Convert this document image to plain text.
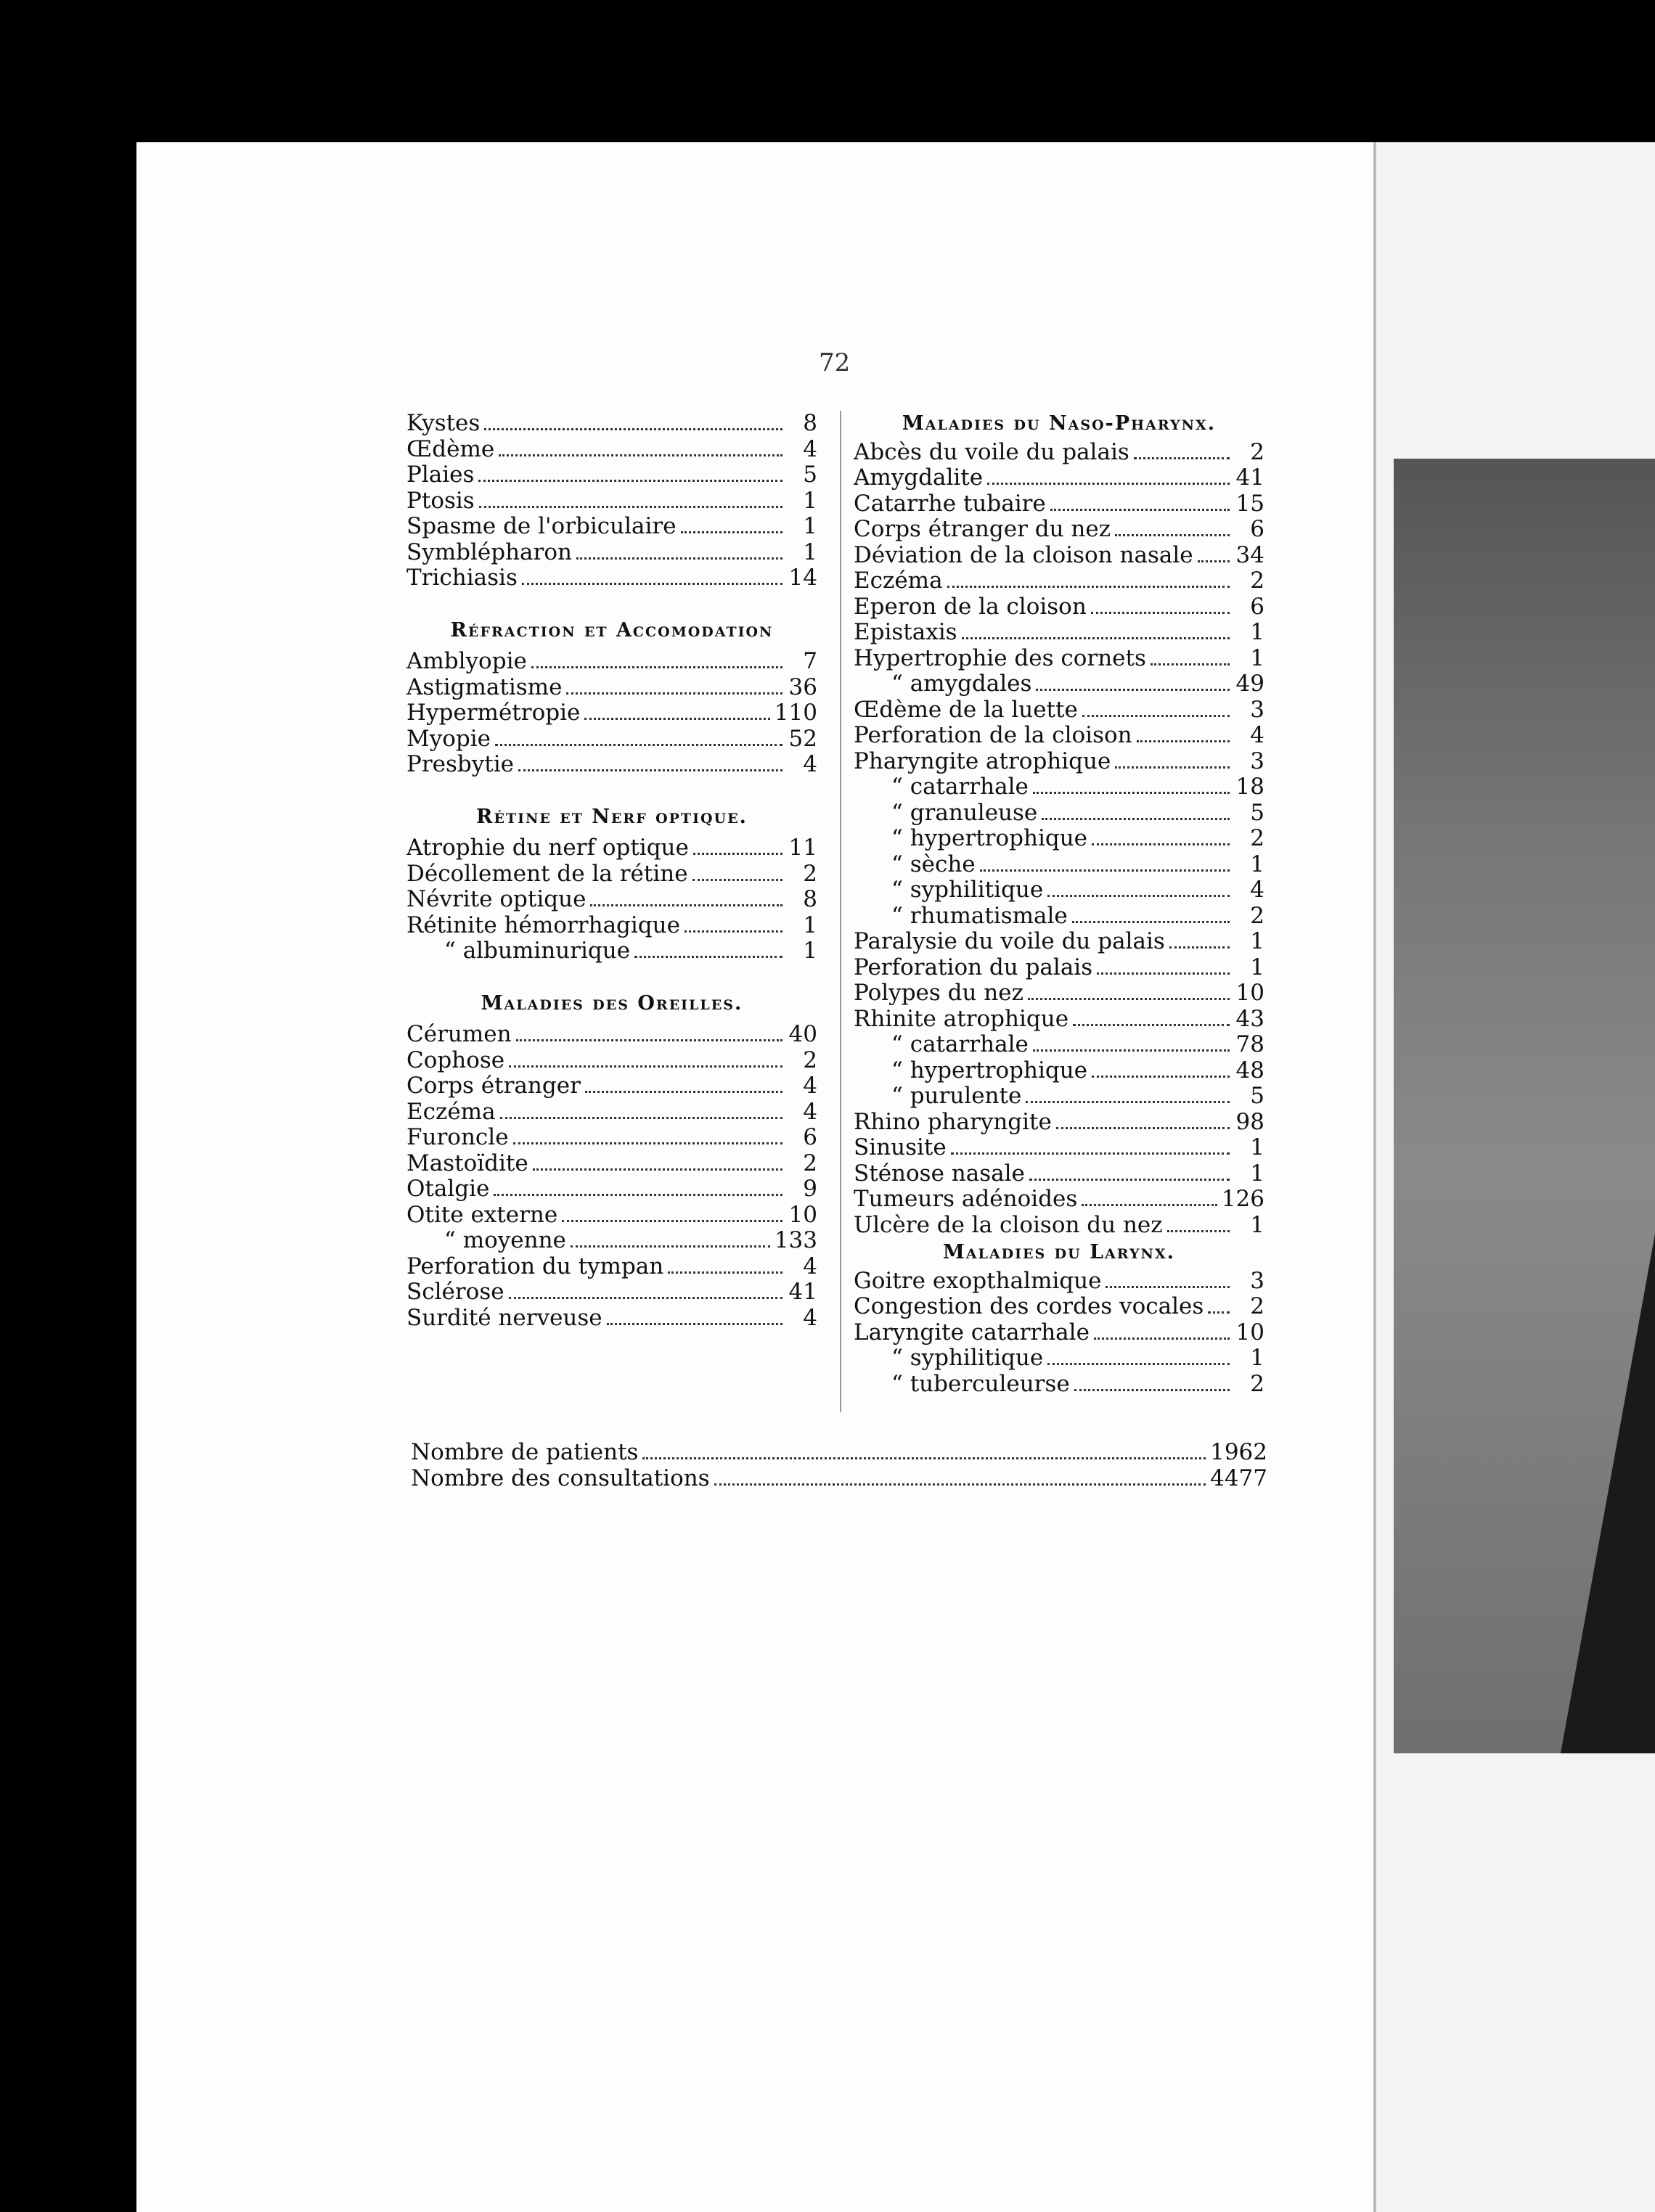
72
Kystes	8
Œdème	4
Plaies	5
Ptosis	1
Spasme de l'orbiculaire	1
Symblépharon	1
Trichiasis	14
Réfraction et Accomodation
Amblyopie	7
Astigmatisme	36
Hypermétropie	110
Myopie	52
Presbytie	4
Rétine et Nerf optique.
Atrophie du nerf optique	11
Décollement de la rétine	2
Névrite optique	8
Rétinite hémorrhagique	1
“ albuminurique	1
Maladies des Oreilles.
Cérumen	40
Cophose	2
Corps étranger	4
Eczéma	4
Furoncle	6
Mastoïdite	2
Otalgie	9
Otite externe	10
“ moyenne	133
Perforation du tympan	4
Sclérose	41
Surdité nerveuse	4
Maladies du Naso-Pharynx.
Abcès du voile du palais	2
Amygdalite	41
Catarrhe tubaire	15
Corps étranger du nez	6
Déviation de la cloison nasale 34
Eczéma	2
Eperon de la cloison	6
Epistaxis	1
Hypertrophie des cornets	1
“ amygdales	49
Œdème de la luette	3
Perforation de la cloison	4
Pharyngite atrophique	3
“ catarrhale	18
“ granuleuse	5
“ hypertrophique	2
“ sèche	1
“ syphilitique	4
“ rhumatismale	2
Paralysie du voile du palais	1
Perforation du palais	1
Polypes du nez	10
Rhinite atrophique	43
“ catarrhale	78
“ hypertrophique	48
“ purulente	5
Rhino pharyngite	98
Sinusite	1
Sténose nasale	1
Tumeurs adénoides	126
Ulcère de la cloison du nez	1
Maladies du Larynx.
Goitre exopthalmique	3
Congestion des cordes vocales	2
Laryngite catarrhale	10
“ syphilitique	1
“ tuberculeurse	2
Nombre de patients	1962
Nombre des consultations	4477
